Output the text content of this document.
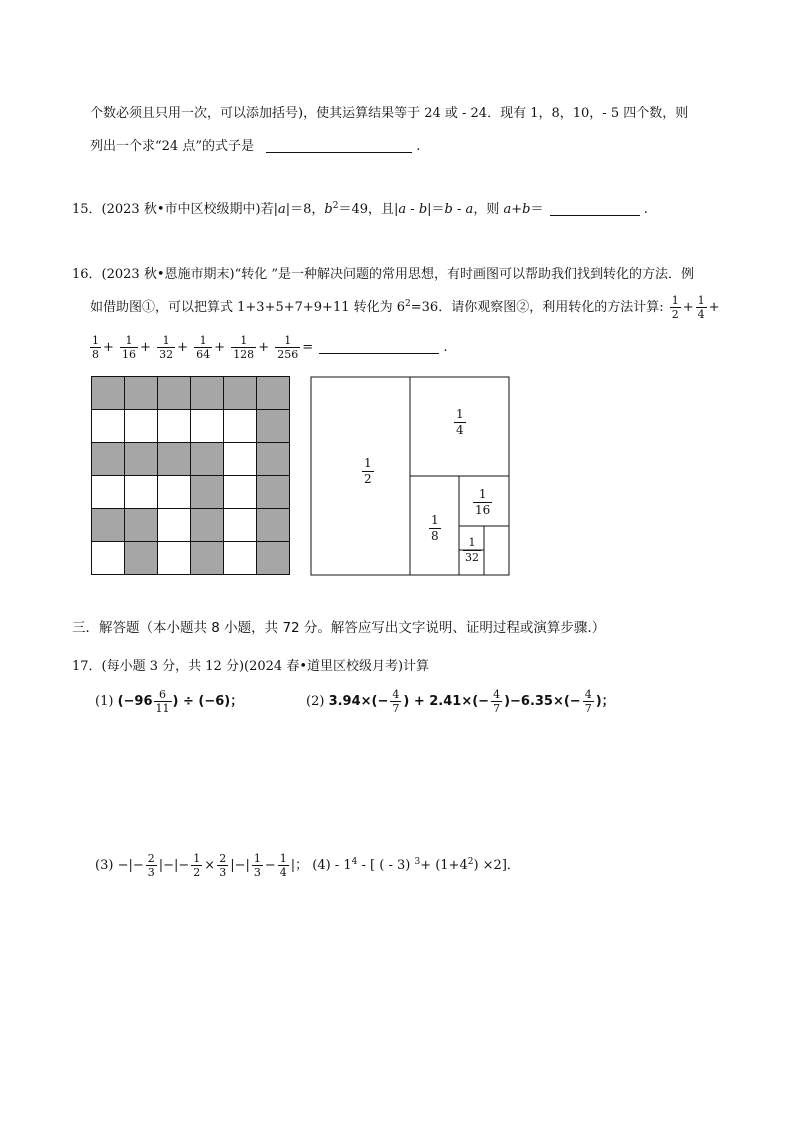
个数必须且只用一次，可以添加括号)，使其运算结果等于 24 或 - 24．现有 1，8，10，- 5 四个数，则
列出一个求“24 点”的式子是	.
15．(2023 秋•市中区校级期中)若|a|＝8，$b^2=49$，且|a - b|＝b - a，则 a+b＝	.
16．(2023 秋•恩施市期末)“转化 ”是一种解决问题的常用思想，有时画图可以帮助我们找到转化的方法．例
如借助图①，可以把算式 1+3+5+7+9+11 转化为 $6^2=36$．请你观察图②，利用转化的方法计算: $\frac{1}{2} + \frac{1}{4}$ +
$\frac{1}{8} + \frac{1}{16} + \frac{1}{32} + \frac{1}{64} + \frac{1}{128} + \frac{1}{256}$ =	.
$\frac{1}{2}$
$\frac{1}{4}$
$\frac{1}{8}$
$\frac{1}{16}$
$\frac{1}{32}$
三．解答题（本小题共 8 小题，共 72 分。解答应写出文字说明、证明过程或演算步骤.）
17．(每小题 3 分，共 12 分)(2024 春•道里区校级月考)计算
(1) ($-96 \frac{6}{11}$ ) ÷ (−6)；	(2) $3.94\times(- \frac{4}{7}$ ) + $2.41\times(- \frac{4}{7} )-6.35\times(- \frac{4}{7}$ )；
(3) −|− $\frac{2}{3}$ |−|− $\frac{1}{2} \times \frac{2}{3}$ |−| $\frac{1}{3} - \frac{1}{4}$ |； $(4) - 1^4$ - [ ( - 3) $^3+ (1+4^2) \times 2$]．
